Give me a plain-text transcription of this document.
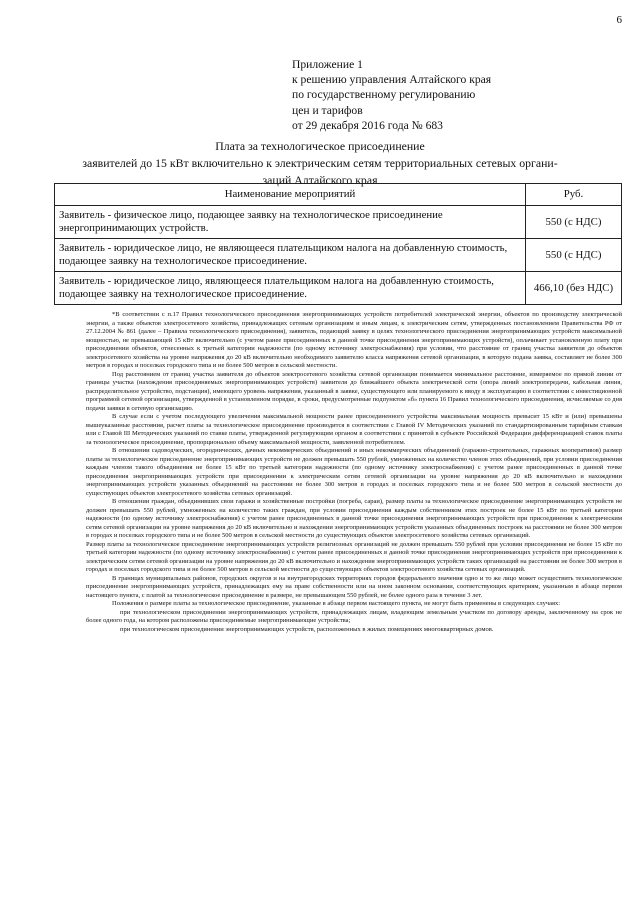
6
Приложение 1
к решению управления Алтайского края
по государственному регулированию
цен и тарифов
от 29 декабря 2016 года № 683
Плата за технологическое присоединение
заявителей до 15 кВт включительно к электрическим сетям территориальных сетевых органи-
заций Алтайского края
Наименование мероприятий	Руб.
Заявитель - физическое лицо, подающее заявку на технологическое присоединение энергопринимающих устройств.	550 (с НДС)
Заявитель - юридическое лицо, не являющееся плательщиком налога на добавленную стоимость, подающее заявку на технологическое присоединение.	550 (с НДС)
Заявитель - юридическое лицо, являющееся плательщиком налога на добавленную стоимость, подающее заявку на технологическое присоединение.	466,10 (без НДС)

*В соответствии с п.17 Правил технологического присоединения энергопринимающих устройств потребителей электрической энергии, объектов по производству электрической энергии, а также объектов электросетевого хозяйства, принадлежащих сетевым организациям и иным лицам, к электрическим сетям, утвержденных постановлением Правительства РФ от 27.12.2004 № 861 (далее – Правила технологического присоединения), заявитель, подающий заявку в целях технологического присоединения энергопринимающих устройств максимальной мощностью, не превышающей 15 кВт включительно (с учетом ранее присоединенных в данной точке присоединения энергопринимающих устройств), оплачивает установленную плату при присоединении объектов, отнесенных к третьей категории надежности (по одному источнику электроснабжения) при условии, что расстояние от границ участка заявителя до объектов электросетевого хозяйства на уровне напряжения до 20 кВ включительно необходимого заявителю класса напряжения сетевой организации, в которую подана заявка, составляет не более 300 метров в городах и поселках городского типа и не более 500 метров в сельской местности.

Под расстоянием от границ участка заявителя до объектов электросетевого хозяйства сетевой организации понимается минимальное расстояние, измеряемое по прямой линии от границы участка (нахождения присоединяемых энергопринимающих устройств) заявителя до ближайшего объекта электрической сети (опора линий электропередачи, кабельная линия, распределительное устройство, подстанция), имеющего уровень напряжения, указанный в заявке, существующего или планируемого к вводу в эксплуатацию в соответствии с инвестиционной программой сетевой организации, утвержденной в установленном порядке, в сроки, предусмотренные подпунктом «б» пункта 16 Правил технологического присоединения, исчисляемые со дня подачи заявки в сетевую организацию.

В случае если с учетом последующего увеличения максимальной мощности ранее присоединенного устройства максимальная мощность превысит 15 кВт и (или) превышены вышеуказанные расстояния, расчет платы за технологическое присоединение производится в соответствии с Главой IV Методических указаний по стандартизированным тарифным ставкам или с Главой III Методических указаний по ставке платы, утвержденной регулирующим органом в соответствии с принятой в субъекте Российской Федерации дифференциацией ставок платы за технологическое присоединение, пропорционально объему максимальной мощности, заявленной потребителем.

В отношении садоводческих, огороднических, дачных некоммерческих объединений и иных некоммерческих объединений (гаражно-строительных, гаражных кооперативов) размер платы за технологическое присоединение энергопринимающих устройств не должен превышать 550 рублей, умноженных на количество членов этих объединений, при условии присоединения каждым членом такого объединения не более 15 кВт по третьей категории надежности (по одному источнику электроснабжения) с учетом ранее присоединенных в данной точке присоединения энергопринимающих устройств при присоединении к электрическим сетям сетевой организации на уровне напряжения до 20 кВ включительно и нахождении энергопринимающих устройств указанных объединений на расстоянии не более 300 метров в городах и поселках городского типа и не более 500 метров в сельской местности до существующих объектов электросетевого хозяйства сетевых организаций.

В отношении граждан, объединивших свои гаражи и хозяйственные постройки (погреба, сараи), размер платы за технологическое присоединение энергопринимающих устройств не должен превышать 550 рублей, умноженных на количество таких граждан, при условии присоединения каждым собственником этих построек не более 15 кВт по третьей категории надежности (по одному источнику электроснабжения) с учетом ранее присоединенных в данной точке присоединения энергопринимающих устройств при присоединении к электрическим сетям сетевой организации на уровне напряжения до 20 кВ включительно и нахождении энергопринимающих устройств указанных объединенных построек на расстоянии не более 300 метров в городах и поселках городского типа и не более 500 метров в сельской местности до существующих объектов электросетевого хозяйства сетевых организаций.

Размер платы за технологическое присоединение энергопринимающих устройств религиозных организаций не должен превышать 550 рублей при условии присоединения не более 15 кВт по третьей категории надежности (по одному источнику электроснабжения) с учетом ранее присоединенных в данной точке присоединения энергопринимающих устройств при присоединении к электрическим сетям сетевой организации на уровне напряжения до 20 кВ включительно и нахождения энергопринимающих устройств таких организаций на расстоянии не более 300 метров в городах и поселках городского типа и не более 500 метров в сельской местности до существующих объектов электросетевого хозяйства сетевых организаций.

В границах муниципальных районов, городских округов и на внутригородских территориях городов федерального значения одно и то же лицо может осуществить технологическое присоединение энергопринимающих устройств, принадлежащих ему на праве собственности или на ином законном основании, соответствующих критериям, указанным в абзаце первом настоящего пункта, с платой за технологическое присоединение в размере, не превышающем 550 рублей, не более одного раза в течение 3 лет.

Положения о размере платы за технологическое присоединение, указанные в абзаце первом настоящего пункта, не могут быть применены в следующих случаях:

при технологическом присоединении энергопринимающих устройств, принадлежащих лицам, владеющим земельным участком по договору аренды, заключенному на срок не более одного года, на котором расположены присоединяемые энергопринимающие устройства;

при технологическом присоединении энергопринимающих устройств, расположенных в жилых помещениях многоквартирных домов.
